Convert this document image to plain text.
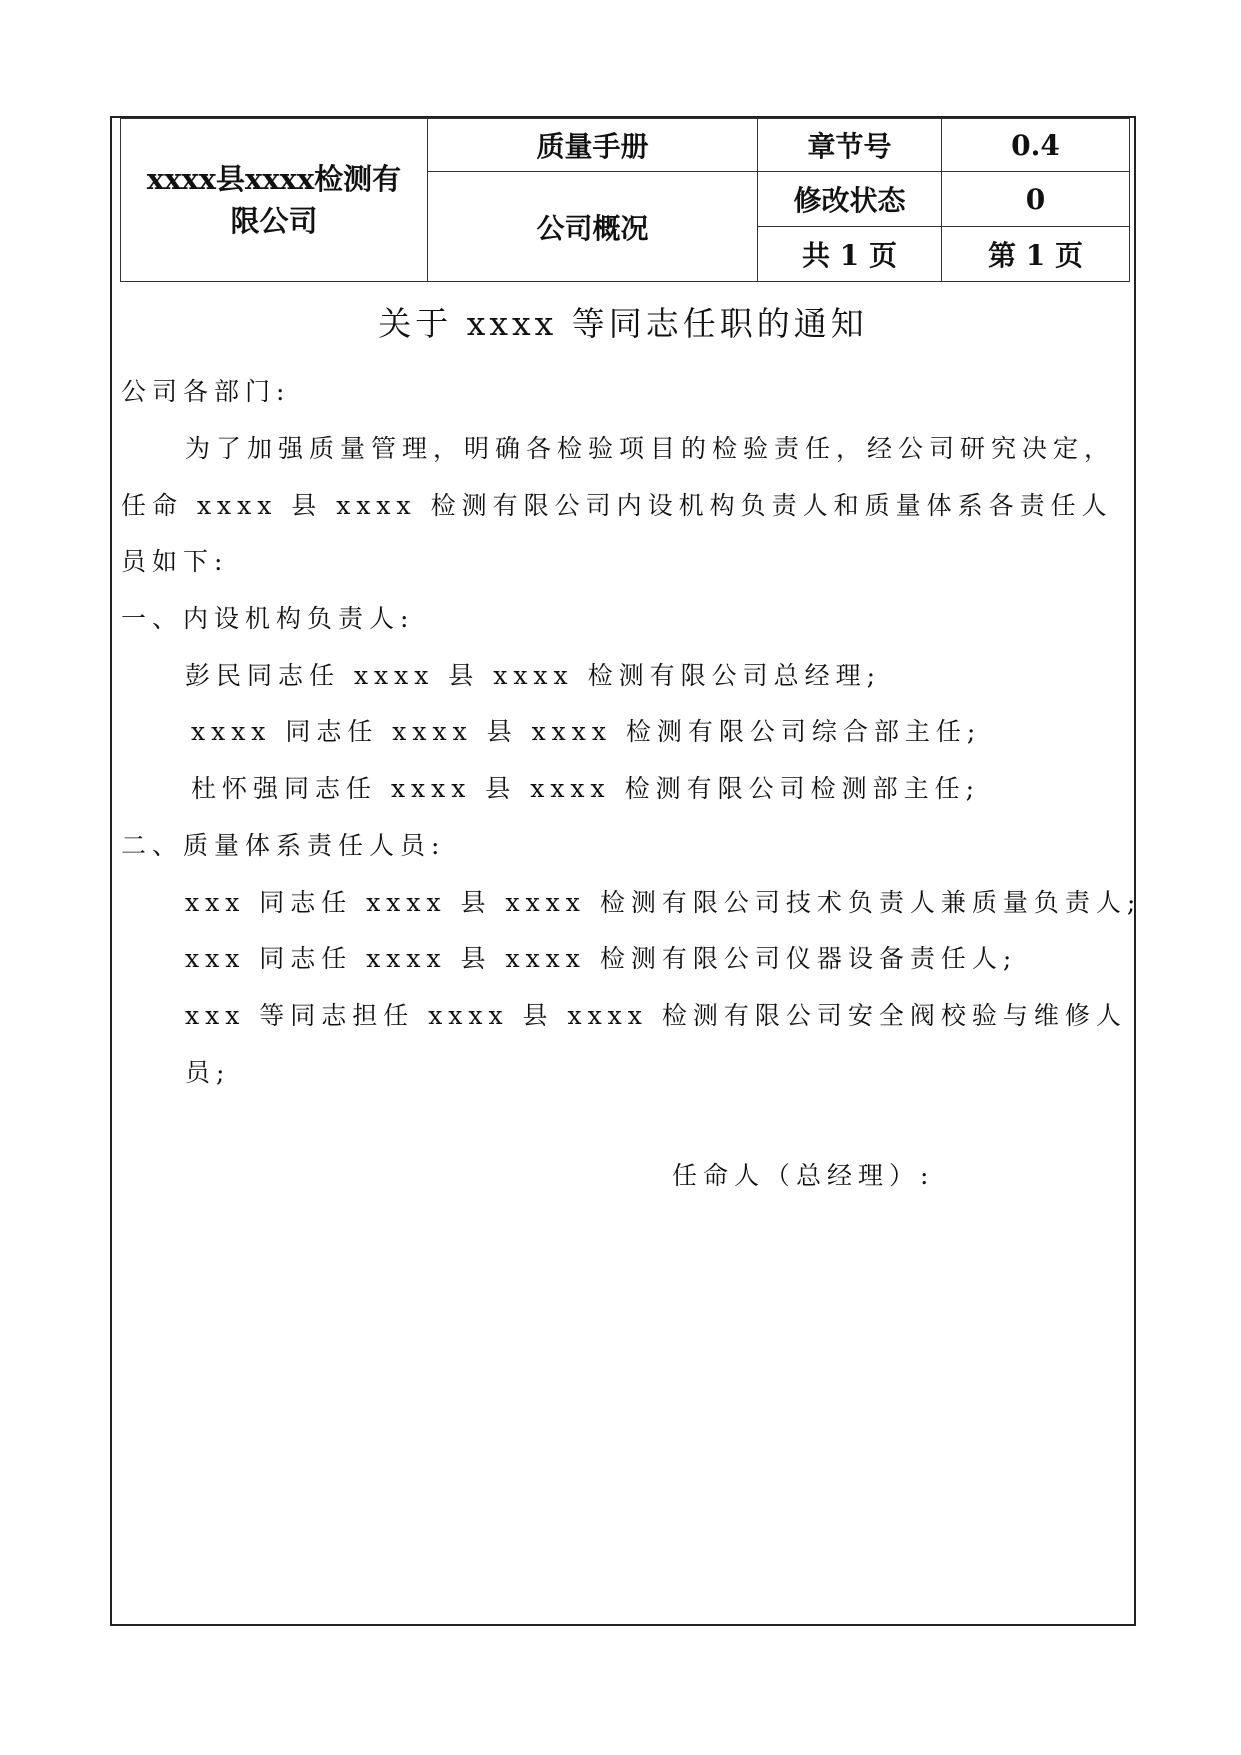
xxxx县xxxx检测有限公司	质量手册	章节号	0.4
	公司概况	修改状态	0
		共 1 页	第 1 页
关于 xxxx 等同志任职的通知
公司各部门:
为了加强质量管理，明确各检验项目的检验责任，经公司研究决定，
任命 xxxx 县 xxxx 检测有限公司内设机构负责人和质量体系各责任人
员如下:
一、内设机构负责人:
彭民同志任 xxxx 县 xxxx 检测有限公司总经理;
xxxx 同志任 xxxx 县 xxxx 检测有限公司综合部主任;
杜怀强同志任 xxxx 县 xxxx 检测有限公司检测部主任;
二、质量体系责任人员:
xxx 同志任 xxxx 县 xxxx 检测有限公司技术负责人兼质量负责人;
xxx 同志任 xxxx 县 xxxx 检测有限公司仪器设备责任人;
xxx 等同志担任 xxxx 县 xxxx 检测有限公司安全阀校验与维修人
员;
任命人（总经理）:
